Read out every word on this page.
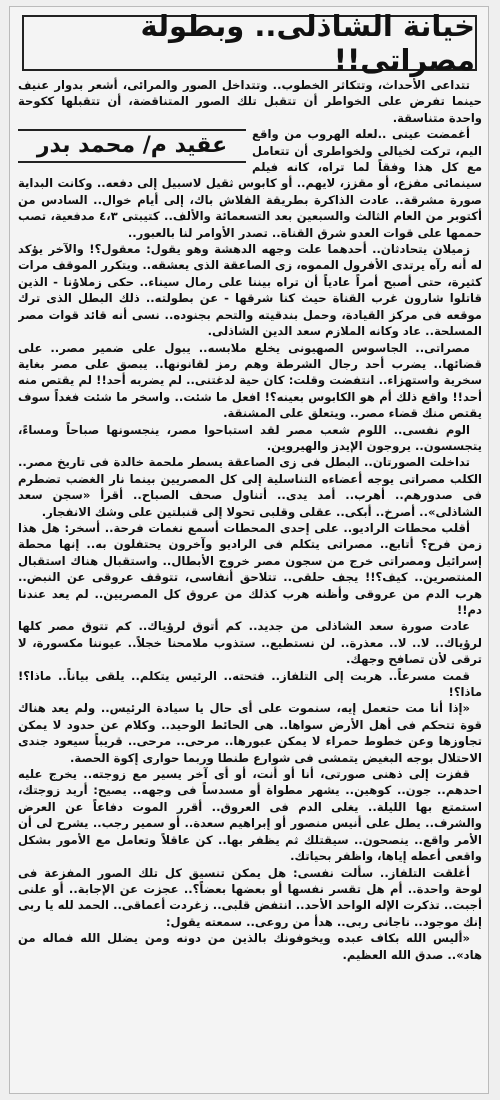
خيانة الشاذلى.. وبطولة مصراتى!!

تتداعى الأحداث، وتتكاثر الخطوب.. وتتداخل الصور والمرائى، أشعر بدوار عنيف حينما تفرض على الخواطر أن تتقبل تلك الصور المتناقضة، أن تتقبلها ككوحة واحدة متناسقة.

عقيد م/ محمد بدر	أغمضت عينى ..لعله الهروب من واقع اليم، تركت لخيالى ولخواطرى أن تتعامل مع كل هذا وفقاً لما تراه، كانه فيلم سينمائى مفزع، أو مقزز، لايهم.. أو كابوس ثقيل لاسبيل إلى دفعه.. وكانت البداية صورة مشرقة.. عادت الذاكرة بطريقة الفلاش باك، إلى أيام خوال.. السادس من أكتوبر من العام الثالث والسبعين بعد التسعمائة والألف.. كتيبتى ٤،٣ مدفعية، تصب حممها على قوات العدو شرق القناة.. تصدر الأوامر لنا بالعبور..

زميلان يتحادثان.. أحدهما علت وجهه الدهشة وهو يقول: معقول؟! والآخر يؤكد له أنه رآه يرتدى الأفرول المموه، زى الصاعقة الذى يعشقه.. ويتكرر الموقف مرات كثيرة، حتى أصبح أمراً عادياً أن تراه بيننا على رمال سيناء.. حكى زملاؤنا - الذين قاتلوا شارون غرب القناة حيث كنا شرقها - عن بطولته.. ذلك البطل الذى ترك موقعه فى مركز القيادة، وحمل بندقيته والتحم بجنوده.. نسى أنه قائد قوات مصر المسلحة.. عاد وكانه الملازم سعد الدين الشاذلى.

مصراتى.. الجاسوس الصهيونى يخلع ملابسه.. يبول على ضمير مصر.. على قضائها.. يضرب أحد رجال الشرطة وهم رمز لقانونها.. يبصق على مصر بغاية سخرية واستهزاء.. انتفضت وقلت: كان حية لدغتنى.. لم يضربه أحد!! لم يقتص منه أحد!! واقع ذلك أم هو الكابوس بعينه؟! افعل ما شئت.. واسخر ما شئت فغداً سوف يقتص منك قضاء مصر.. ويتعلق على المشنقة.

الوم نفسى.. اللوم شعب مصر لقد استباحوا مصر، ينجسونها صباحاً ومساءً، يتجسسون.. يروجون الإيدز والهيروين.

تداخلت الصورتان.. البطل فى زى الصاعقة يسطر ملحمة خالدة فى تاريخ مصر.. الكلب مصراتى يوجه أعضاءه التناسلية إلى كل المصريين بينما نار الغضب تضطرم فى صدورهم.. أهرب.. أمد يدى.. أتناول صحف الصباح.. أقرأ «سجن سعد الشاذلى».. أصرخ.. أبكى.. عقلى وقلبى تحولا إلى قنبلتين على وشك الانفجار.

أقلب محطات الراديو.. على إحدى المحطات أسمع نغمات فرحة.. أسخر: هل هذا زمن فرح؟ أتابع.. مصراتى يتكلم فى الراديو وآخرون يحتفلون به.. إنها محطة إسرائيل ومصراتى خرج من سجون مصر خروج الأبطال.. واستقبال هناك استقبال المنتصرين.. كيف؟!! يجف حلقى.. تتلاحق أنفاسى، تتوقف عروقى عن النبض.. هرب الدم من عروقى وأظنه هرب كذلك من عروق كل المصريين.. لم يعد عندنا دم!!

عادت صورة سعد الشاذلى من جديد.. كم أتوق لرؤياك.. كم تتوق مصر كلها لرؤياك.. لا.. لا.. معذرة.. لن نستطيع.. ستذوب ملامحنا خجلاً.. عيوننا مكسورة، لا ترقى لأن تصافح وجهك.

قمت مسرعاً.. هربت إلى التلفاز.. فتحته.. الرئيس يتكلم.. يلقى بياناً.. ماذا؟! ماذا؟!

«إذا أنا مت حتعمل إيه، سنموت على أى حال يا سيادة الرئيس.. ولم يعد هناك قوة تتحكم فى أهل الأرض سواها.. هى الحائط الوحيد.. وكلام عن حدود لا يمكن تجاوزها وعن خطوط حمراء لا يمكن عبورها.. مرحى.. مرحى.. قريباً سيعود جندى الاحتلال بوجه البغيض يتمشى فى شوارع طنطا وربما حوارى إكوة الحصة.

قفزت إلى ذهنى صورتى، أنا أو أنت، أو أى آخر يسير مع زوجته.. يخرج عليه احدهم.. جون.. كوهين.. يشهر مطواة أو مسدساً فى وجهه.. يصيح: أريد زوجتك، استمتع بها الليلة.. يغلى الدم فى العروق.. أقرر الموت دفاعاً عن العرض والشرف.. يطل على أنيس منصور أو إبراهيم سعدة.. أو سمير رجب.. يشرح لى أن الأمر واقع.. ينصحون.. سيقتلك ثم يظفر بها.. كن عاقلاً وتعامل مع الأمور بشكل واقعى أعطه إياها، واظفر بحياتك.

أغلقت التلفاز.. سألت نفسى: هل يمكن تنسيق كل تلك الصور المفزعة فى لوحة واحدة.. أم هل تقسر نفسها أو بعضها بعضاً؟.. عجزت عن الإجابة.. أو علنى أجبت.. تذكرت الإله الواحد الأحد.. انتفض قلبى.. زغردت أعماقى.. الحمد لله يا ربى إنك موجود.. ناجانى ربى.. هدأ من روعى.. سمعته يقول:

«أليس الله بكاف عبده ويخوفونك بالذين من دونه ومن يضلل الله فماله من هاد».. صدق الله العظيم.
